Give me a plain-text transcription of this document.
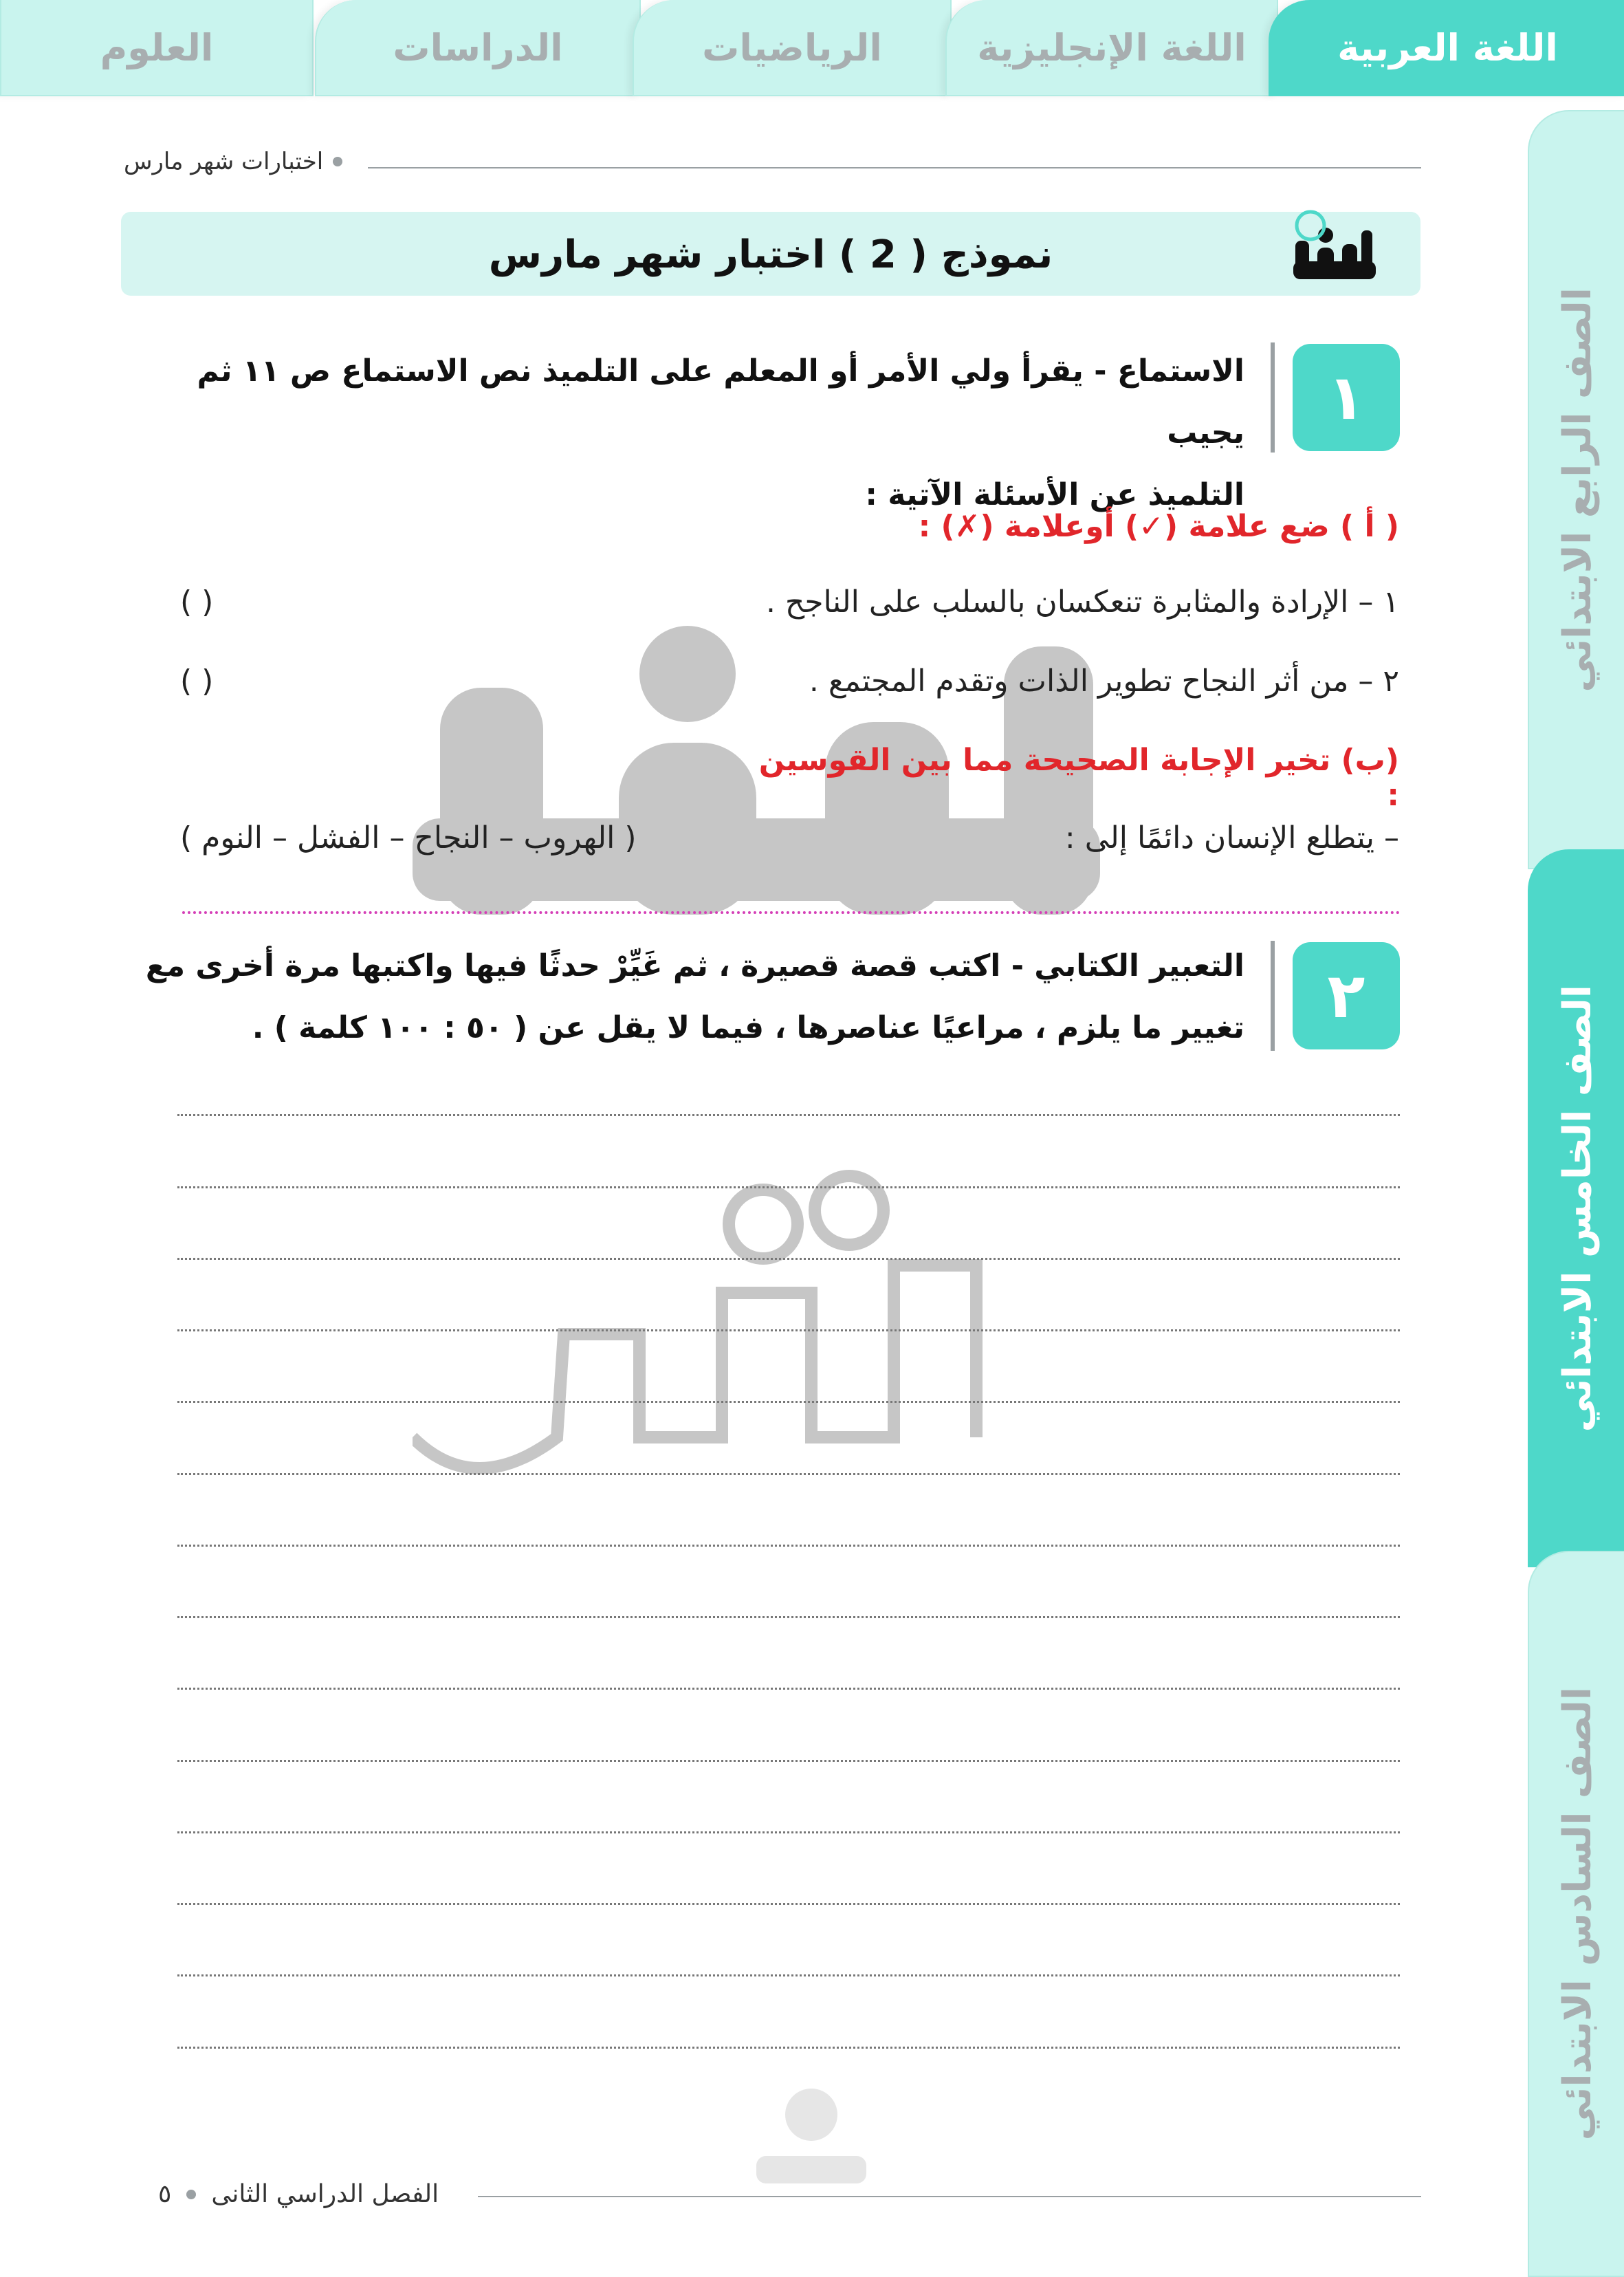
العلوم	الدراسات	الرياضيات	اللغة الإنجليزية اللغة العربية
الصف الرابع الابتدائي
الصف الخامس الابتدائي
الصف السادس الابتدائي
اختبارات شهر مارس
نموذج ( 2 ) اختبار شهر مارس
١
الاستماع - يقرأ ولي الأمر أو المعلم على التلميذ نص الاستماع ص ١١ ثم يجيب
التلميذ عن الأسئلة الآتية :
( أ ) ضع علامة (✓) أوعلامة (✗) :
١ – الإرادة والمثابرة تنعكسان بالسلب على الناجح .
( )
٢ – من أثر النجاح تطوير الذات وتقدم المجتمع .
( )
(ب) تخير الإجابة الصحيحة مما بين القوسين :
– يتطلع الإنسان دائمًا إلى :
( الهروب – النجاح – الفشل – النوم )
٢
التعبير الكتابي - اكتب قصة قصيرة ، ثم غَيِّرْ حدثًا فيها واكتبها مرة أخرى مع
تغيير ما يلزم ، مراعيًا عناصرها ، فيما لا يقل عن ( ٥٠ : ١٠٠ كلمة ) .
الفصل الدراسي الثانى
٥
